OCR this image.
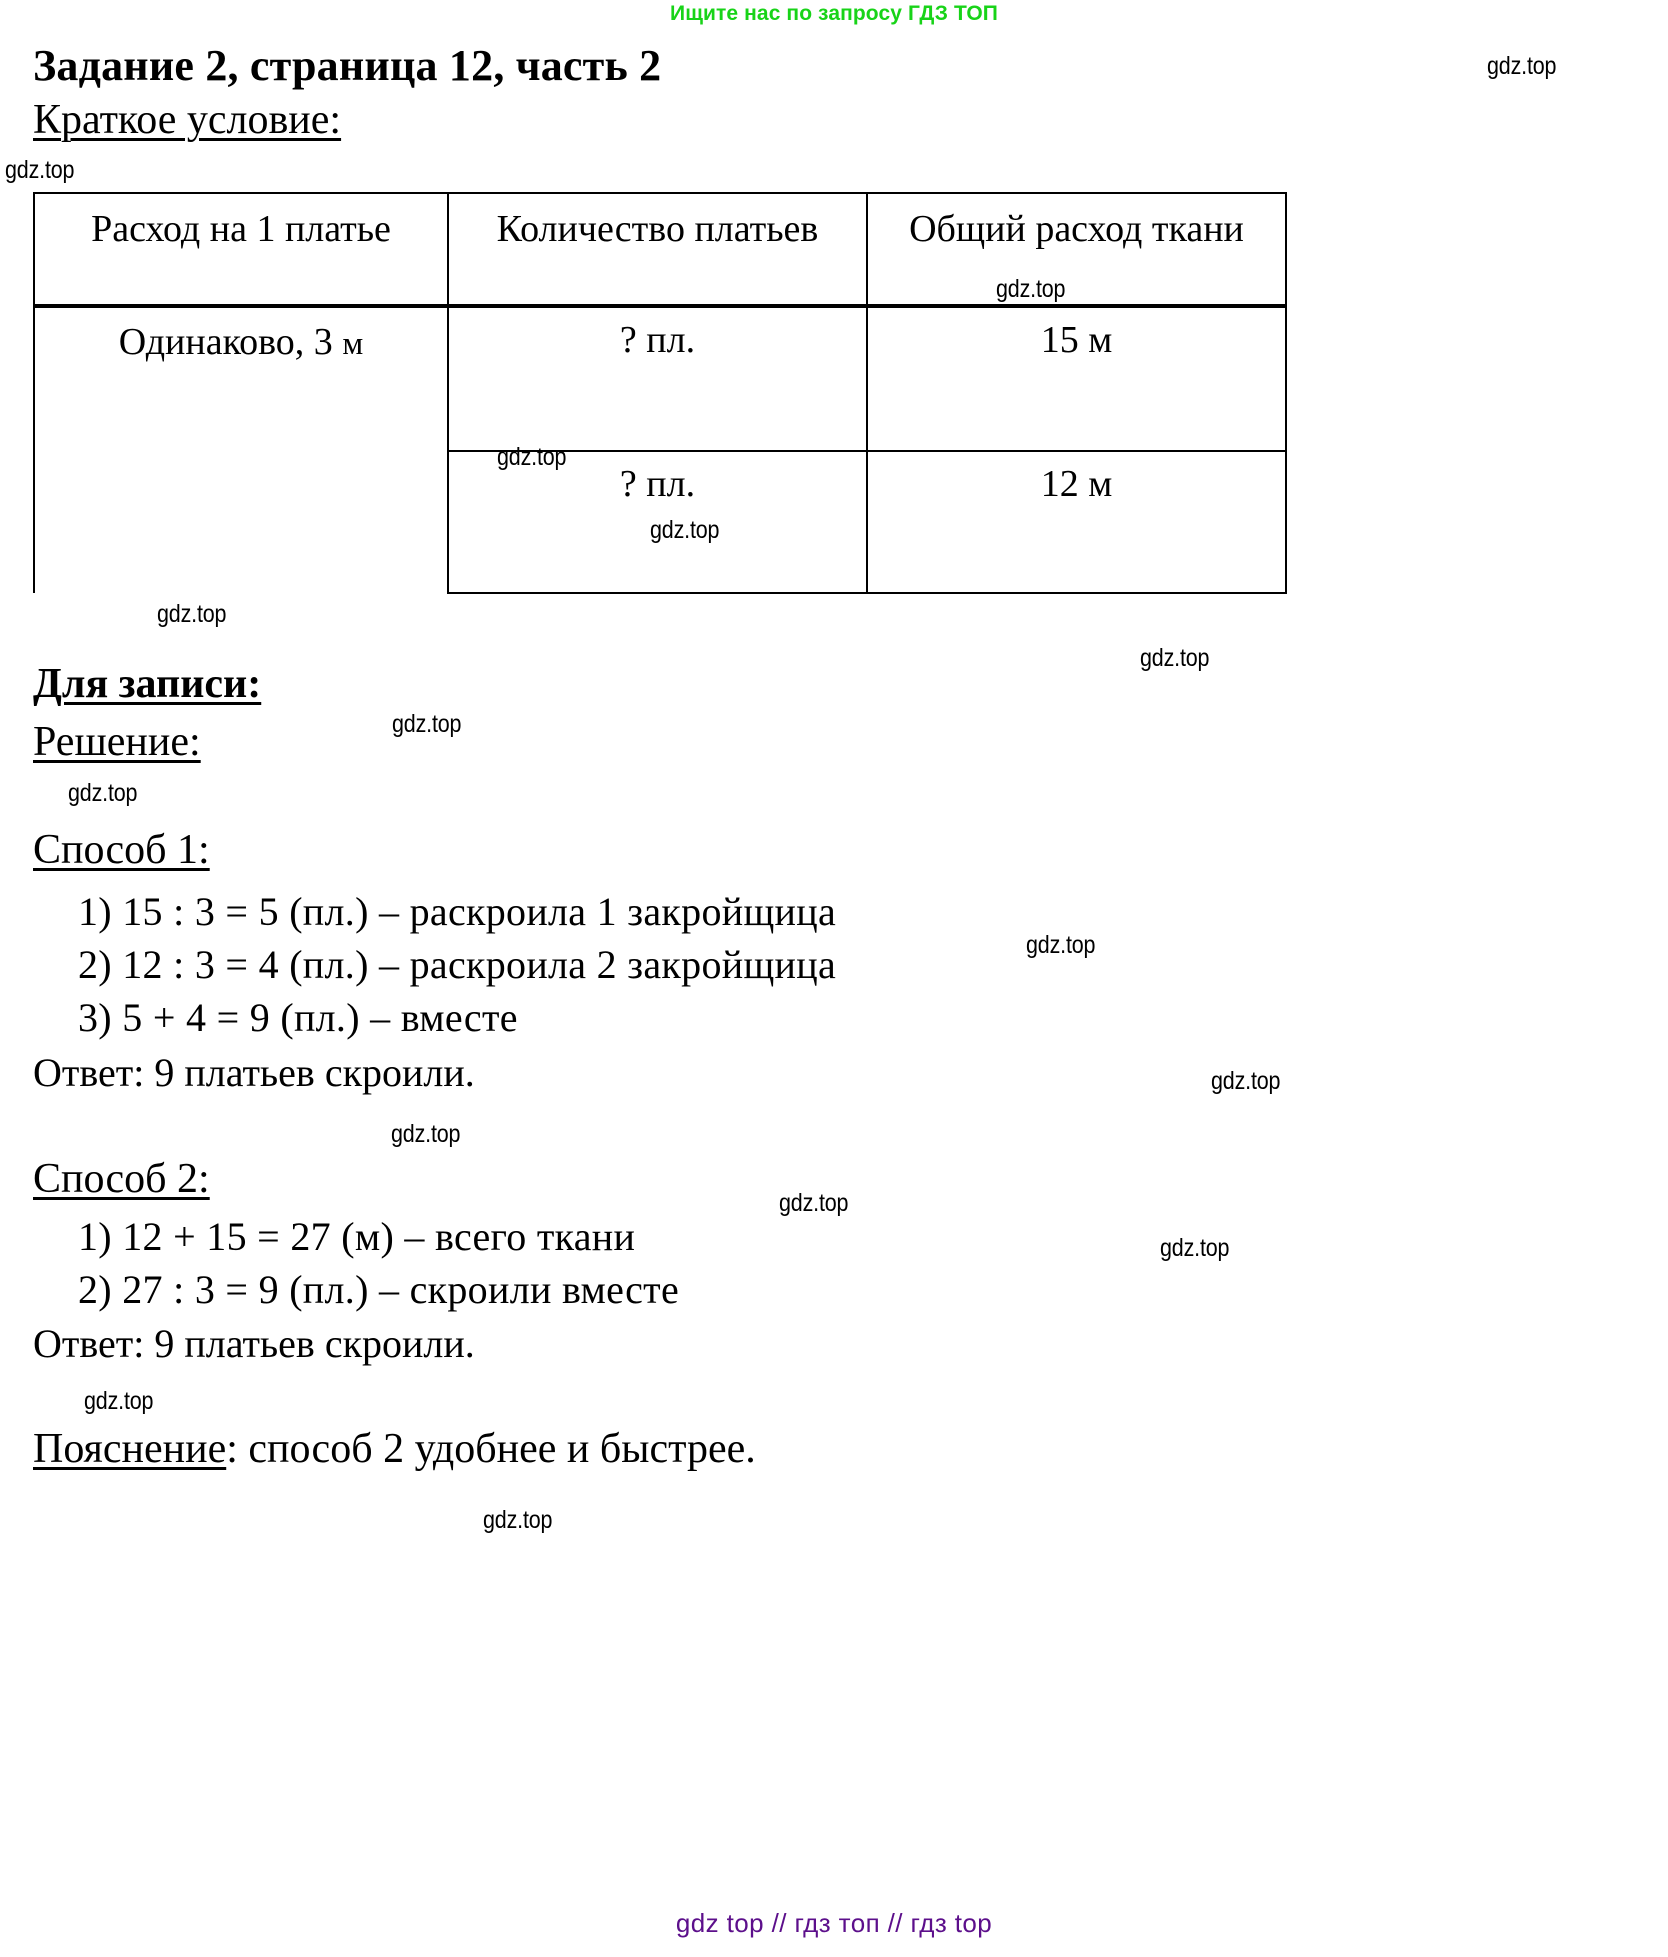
Ищите нас по запросу ГДЗ ТОП
gdz.top
Задание 2, страница 12, часть 2
Краткое условие:
gdz.top
Расход на 1 платье	Количество платьев	Общий расход ткани
Одинаково, 3 м	? пл.	15 м
	? пл.	12 м
gdz.top
gdz.top
gdz.top
gdz.top
gdz.top
Для записи:
gdz.top
Решение:
gdz.top
Способ 1:
1) 15 : 3 = 5 (пл.) – раскроила 1 закройщица
2) 12 : 3 = 4 (пл.) – раскроила 2 закройщица
3) 5 + 4 = 9 (пл.) – вместе
gdz.top
Ответ: 9 платьев скроили.	gdz.top
gdz.top
Способ 2:
1) 12 + 15 = 27 (м) – всего ткани
2) 27 : 3 = 9 (пл.) – скроили вместе
gdz.top
gdz.top
Ответ: 9 платьев скроили.
gdz.top
Пояснение: способ 2 удобнее и быстрее.
gdz.top
gdz top // гдз топ // гдз top
